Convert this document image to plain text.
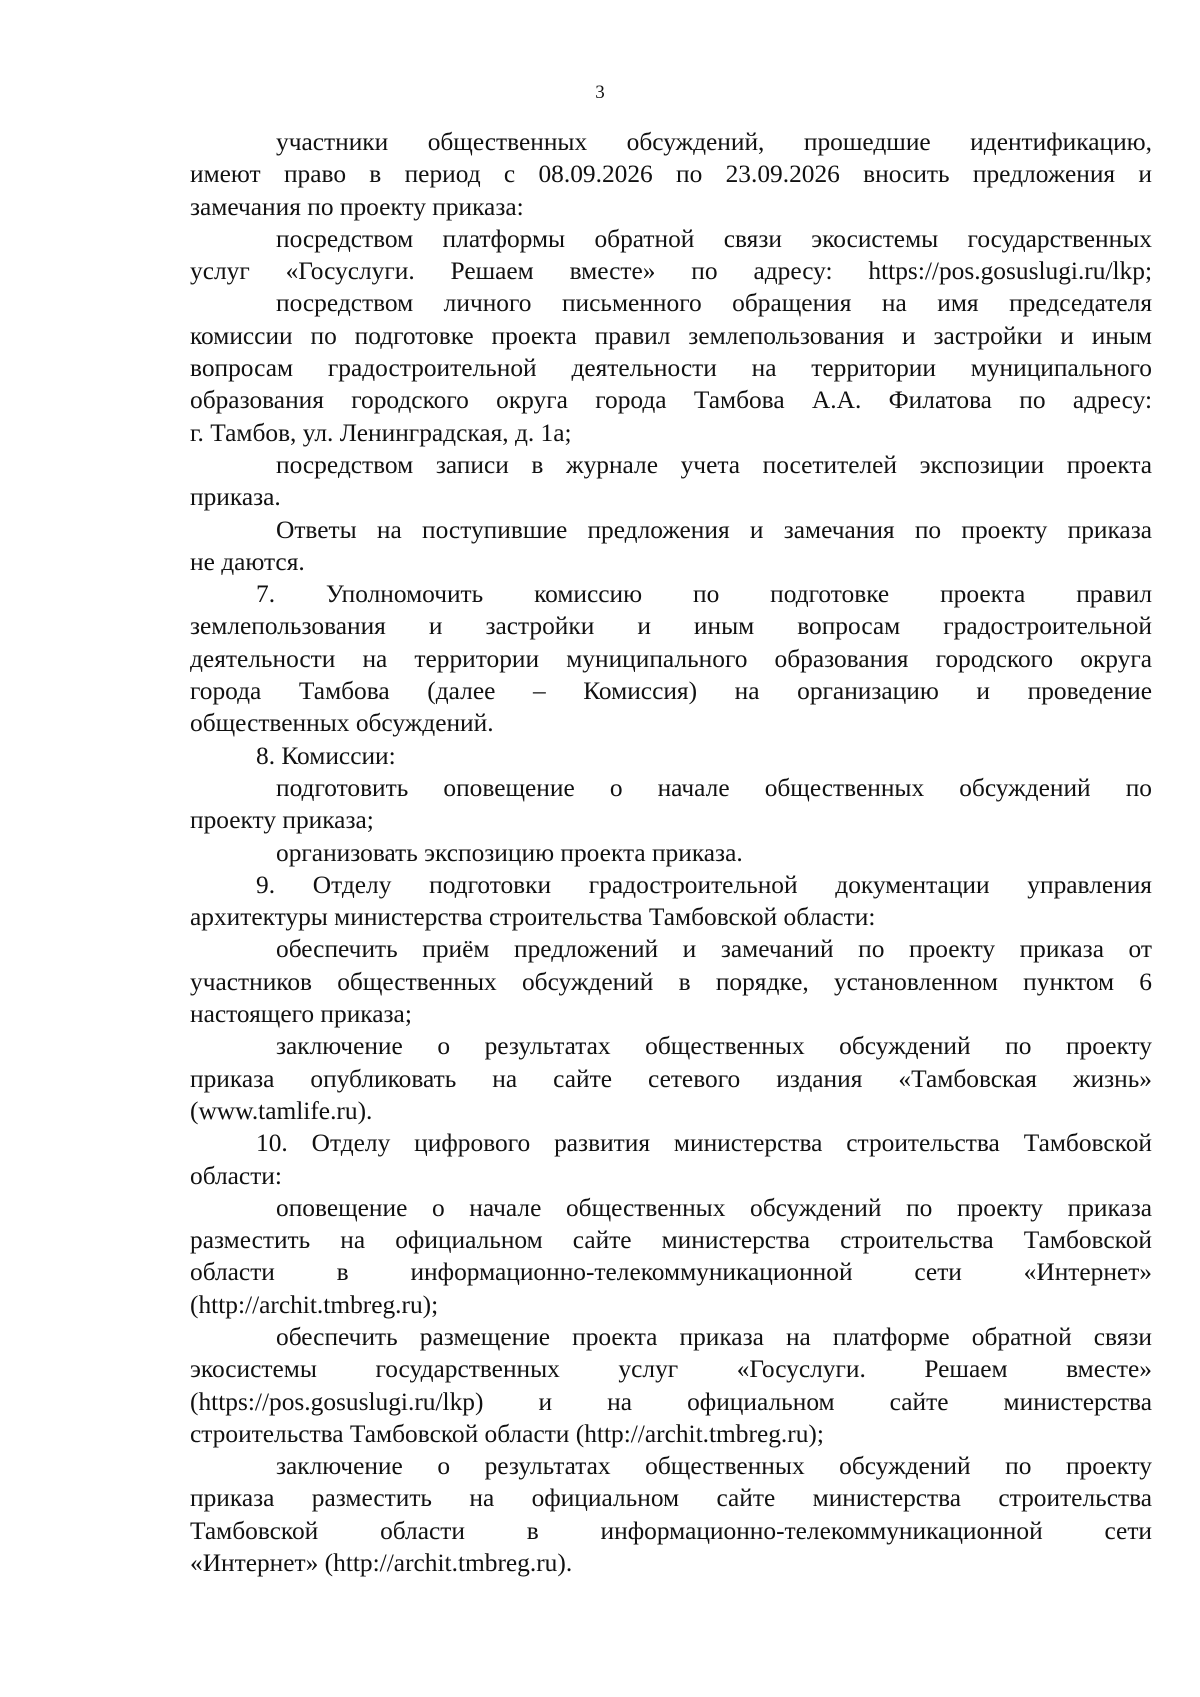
3
участники общественных обсуждений, прошедшие идентификацию,
имеют право в период с 08.09.2026 по 23.09.2026 вносить предложения и
замечания по проекту приказа:
посредством платформы обратной связи экосистемы государственных
услуг «Госуслуги. Решаем вместе» по адресу: https://pos.gosuslugi.ru/lkp;
посредством личного письменного обращения на имя председателя
комиссии по подготовке проекта правил землепользования и застройки и иным
вопросам градостроительной деятельности на территории муниципального
образования городского округа города Тамбова А.А. Филатова по адресу:
г. Тамбов, ул. Ленинградская, д. 1а;
посредством записи в журнале учета посетителей экспозиции проекта
приказа.
Ответы на поступившие предложения и замечания по проекту приказа
не даются.
7. Уполномочить комиссию по подготовке проекта правил
землепользования и застройки и иным вопросам градостроительной
деятельности на территории муниципального образования городского округа
города Тамбова (далее – Комиссия) на организацию и проведение
общественных обсуждений.
8. Комиссии:
подготовить оповещение о начале общественных обсуждений по
проекту приказа;
организовать экспозицию проекта приказа.
9. Отделу подготовки градостроительной документации управления
архитектуры министерства строительства Тамбовской области:
обеспечить приём предложений и замечаний по проекту приказа от
участников общественных обсуждений в порядке, установленном пунктом 6
настоящего приказа;
заключение о результатах общественных обсуждений по проекту
приказа опубликовать на сайте сетевого издания «Тамбовская жизнь»
(www.tamlife.ru).
10. Отделу цифрового развития министерства строительства Тамбовской
области:
оповещение о начале общественных обсуждений по проекту приказа
разместить на официальном сайте министерства строительства Тамбовской
области в информационно-телекоммуникационной сети «Интернет»
(http://archit.tmbreg.ru);
обеспечить размещение проекта приказа на платформе обратной связи
экосистемы государственных услуг «Госуслуги. Решаем вместе»
(https://pos.gosuslugi.ru/lkp) и на официальном сайте министерства
строительства Тамбовской области (http://archit.tmbreg.ru);
заключение о результатах общественных обсуждений по проекту
приказа разместить на официальном сайте министерства строительства
Тамбовской области в информационно-телекоммуникационной сети
«Интернет» (http://archit.tmbreg.ru).
